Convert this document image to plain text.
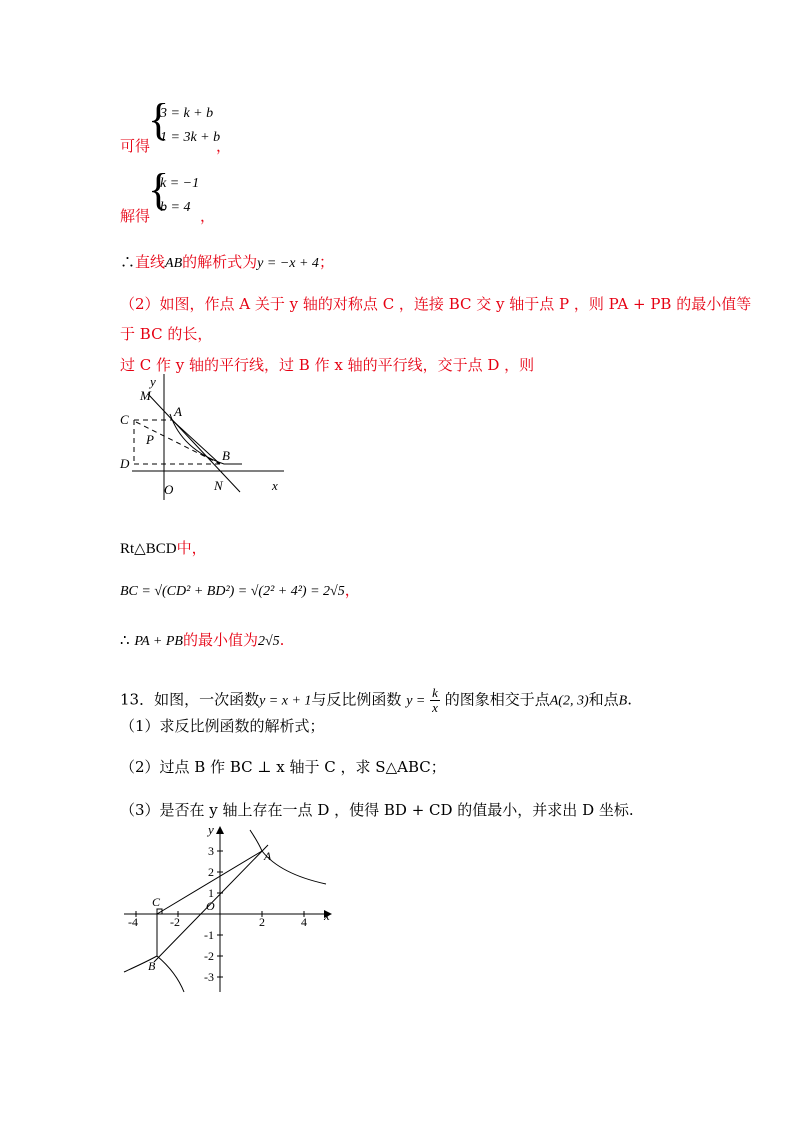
可得
{
3 = k + b
1 = 3k + b
，
解得
{
k = −1
b = 4 ，
∴直线AB的解析式为y = −x + 4；
（2）如图，作点 A 关于 y 轴的对称点 C ，连接 BC 交 y 轴于点 P ，则 PA + PB 的最小值等
于 BC 的长，
过 C 作 y 轴的平行线，过 B 作 x 轴的平行线，交于点 D ，则
y
x
M
A
C
P
B
D
O	N
Rt△BCD中，
BC = √(CD² + BD²) = √(2² + 4²) = 2√5，
∴ PA + PB的最小值为2√5.
13．如图，一次函数y = x + 1与反比例函数 $y = \frac{k}{x}$ 的图象相交于点A(2, 3)和点B.
（1）求反比例函数的解析式；
（2）过点 B 作 BC ⊥ x 轴于 C ，求 S△ABC；
（3）是否在 y 轴上存在一点 D ，使得 BD + CD 的值最小，并求出 D 坐标.
y
x
A
B
C	O
-4	-2	2	4
3
2
1
-1
-2
-3
